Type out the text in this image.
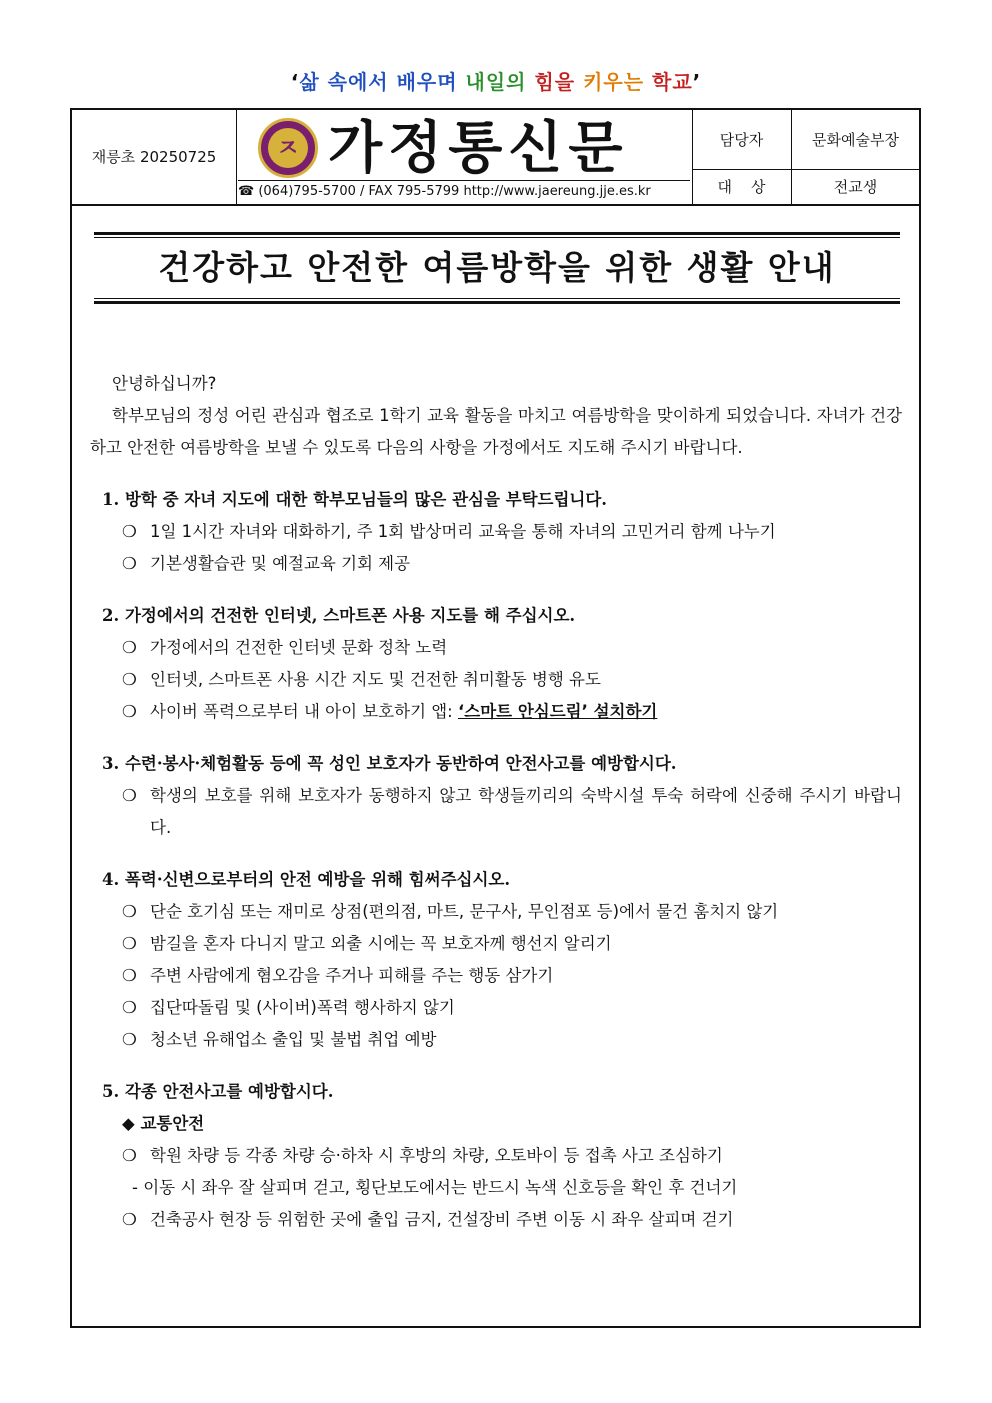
‘삶 속에서 배우며 내일의 힘을 키우는 학교’
재릉초 20250725	ㅈ 가정통신문
☎ (064)795-5700 / FAX 795-5799 http://www.jaereung.jje.es.kr
담당자	문화예술부장
대    상	전교생
건강하고 안전한 여름방학을 위한 생활 안내
안녕하십니까?
학부모님의 정성 어린 관심과 협조로 1학기 교육 활동을 마치고 여름방학을 맞이하게 되었습니다. 자녀가 건강하고 안전한 여름방학을 보낼 수 있도록 다음의 사항을 가정에서도 지도해 주시기 바랍니다.
1. 방학 중 자녀 지도에 대한 학부모님들의 많은 관심을 부탁드립니다.
❍ 1일 1시간 자녀와 대화하기, 주 1회 밥상머리 교육을 통해 자녀의 고민거리 함께 나누기
❍ 기본생활습관 및 예절교육 기회 제공
2. 가정에서의 건전한 인터넷, 스마트폰 사용 지도를 해 주십시오.
❍ 가정에서의 건전한 인터넷 문화 정착 노력
❍ 인터넷, 스마트폰 사용 시간 지도 및 건전한 취미활동 병행 유도
❍ 사이버 폭력으로부터 내 아이 보호하기 앱: ‘스마트 안심드림’ 설치하기
3. 수련·봉사·체험활동 등에 꼭 성인 보호자가 동반하여 안전사고를 예방합시다.
❍ 학생의 보호를 위해 보호자가 동행하지 않고 학생들끼리의 숙박시설 투숙 허락에 신중해 주시기 바랍니다.
4. 폭력·신변으로부터의 안전 예방을 위해 힘써주십시오.
❍ 단순 호기심 또는 재미로 상점(편의점, 마트, 문구사, 무인점포 등)에서 물건 훔치지 않기
❍ 밤길을 혼자 다니지 말고 외출 시에는 꼭 보호자께 행선지 알리기
❍ 주변 사람에게 혐오감을 주거나 피해를 주는 행동 삼가기
❍ 집단따돌림 및 (사이버)폭력 행사하지 않기
❍ 청소년 유해업소 출입 및 불법 취업 예방
5. 각종 안전사고를 예방합시다.
◆ 교통안전
❍ 학원 차량 등 각종 차량 승·하차 시 후방의 차량, 오토바이 등 접촉 사고 조심하기
- 이동 시 좌우 잘 살피며 걷고, 횡단보도에서는 반드시 녹색 신호등을 확인 후 건너기
❍ 건축공사 현장 등 위험한 곳에 출입 금지, 건설장비 주변 이동 시 좌우 살피며 걷기
